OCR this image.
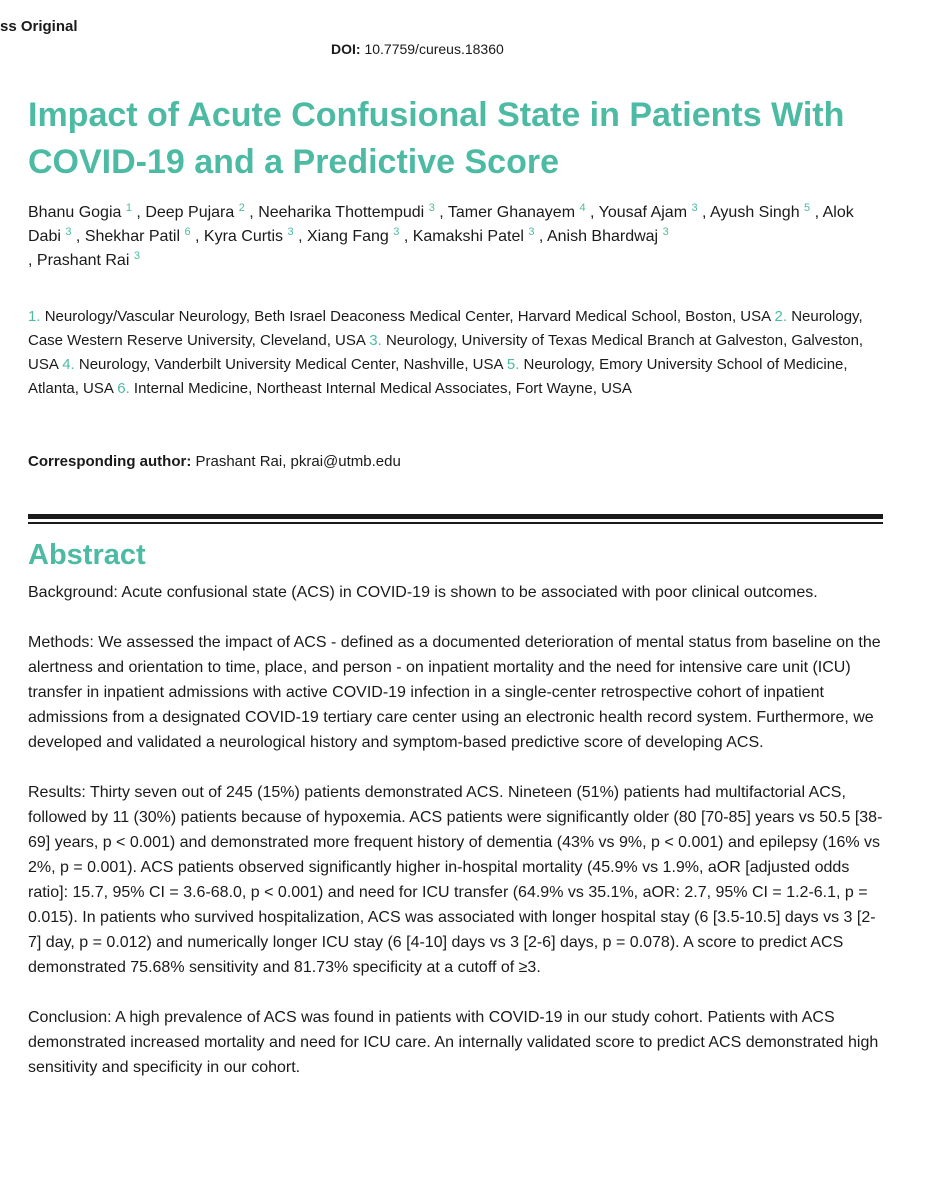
ss Original
DOI: 10.7759/cureus.18360
Impact of Acute Confusional State in Patients With COVID-19 and a Predictive Score
Bhanu Gogia $^1$ , Deep Pujara $^2$ , Neeharika Thottempudi $^3$ , Tamer Ghanayem $^4$ , Yousaf Ajam $^3$ , Ayush Singh $^5$ , Alok Dabi $^3$ , Shekhar Patil $^6$ , Kyra Curtis $^3$ , Xiang Fang $^3$ , Kamakshi Patel $^3$ , Anish Bhardwaj $^3$
, Prashant Rai $^3$
1. Neurology/Vascular Neurology, Beth Israel Deaconess Medical Center, Harvard Medical School, Boston, USA 2. Neurology, Case Western Reserve University, Cleveland, USA 3. Neurology, University of Texas Medical Branch at Galveston, Galveston, USA 4. Neurology, Vanderbilt University Medical Center, Nashville, USA 5. Neurology, Emory University School of Medicine, Atlanta, USA 6. Internal Medicine, Northeast Internal Medical Associates, Fort Wayne, USA
Corresponding author: Prashant Rai, pkrai@utmb.edu
Abstract

Background: Acute confusional state (ACS) in COVID-19 is shown to be associated with poor clinical outcomes.

Methods: We assessed the impact of ACS - defined as a documented deterioration of mental status from baseline on the alertness and orientation to time, place, and person - on inpatient mortality and the need for intensive care unit (ICU) transfer in inpatient admissions with active COVID-19 infection in a single-center retrospective cohort of inpatient admissions from a designated COVID-19 tertiary care center using an electronic health record system. Furthermore, we developed and validated a neurological history and symptom-based predictive score of developing ACS.

Results: Thirty seven out of 245 (15%) patients demonstrated ACS. Nineteen (51%) patients had multifactorial ACS, followed by 11 (30%) patients because of hypoxemia. ACS patients were significantly older (80 [70-85] years vs 50.5 [38-69] years, p < 0.001) and demonstrated more frequent history of dementia (43% vs 9%, p < 0.001) and epilepsy (16% vs 2%, p = 0.001). ACS patients observed significantly higher in-hospital mortality (45.9% vs 1.9%, aOR [adjusted odds ratio]: 15.7, 95% CI = 3.6-68.0, p < 0.001) and need for ICU transfer (64.9% vs 35.1%, aOR: 2.7, 95% CI = 1.2-6.1, p = 0.015). In patients who survived hospitalization, ACS was associated with longer hospital stay (6 [3.5-10.5] days vs 3 [2-7] day, p = 0.012) and numerically longer ICU stay (6 [4-10] days vs 3 [2-6] days, p = 0.078). A score to predict ACS demonstrated 75.68% sensitivity and 81.73% specificity at a cutoff of ≥3.

Conclusion: A high prevalence of ACS was found in patients with COVID-19 in our study cohort. Patients with ACS demonstrated increased mortality and need for ICU care. An internally validated score to predict ACS demonstrated high sensitivity and specificity in our cohort.
